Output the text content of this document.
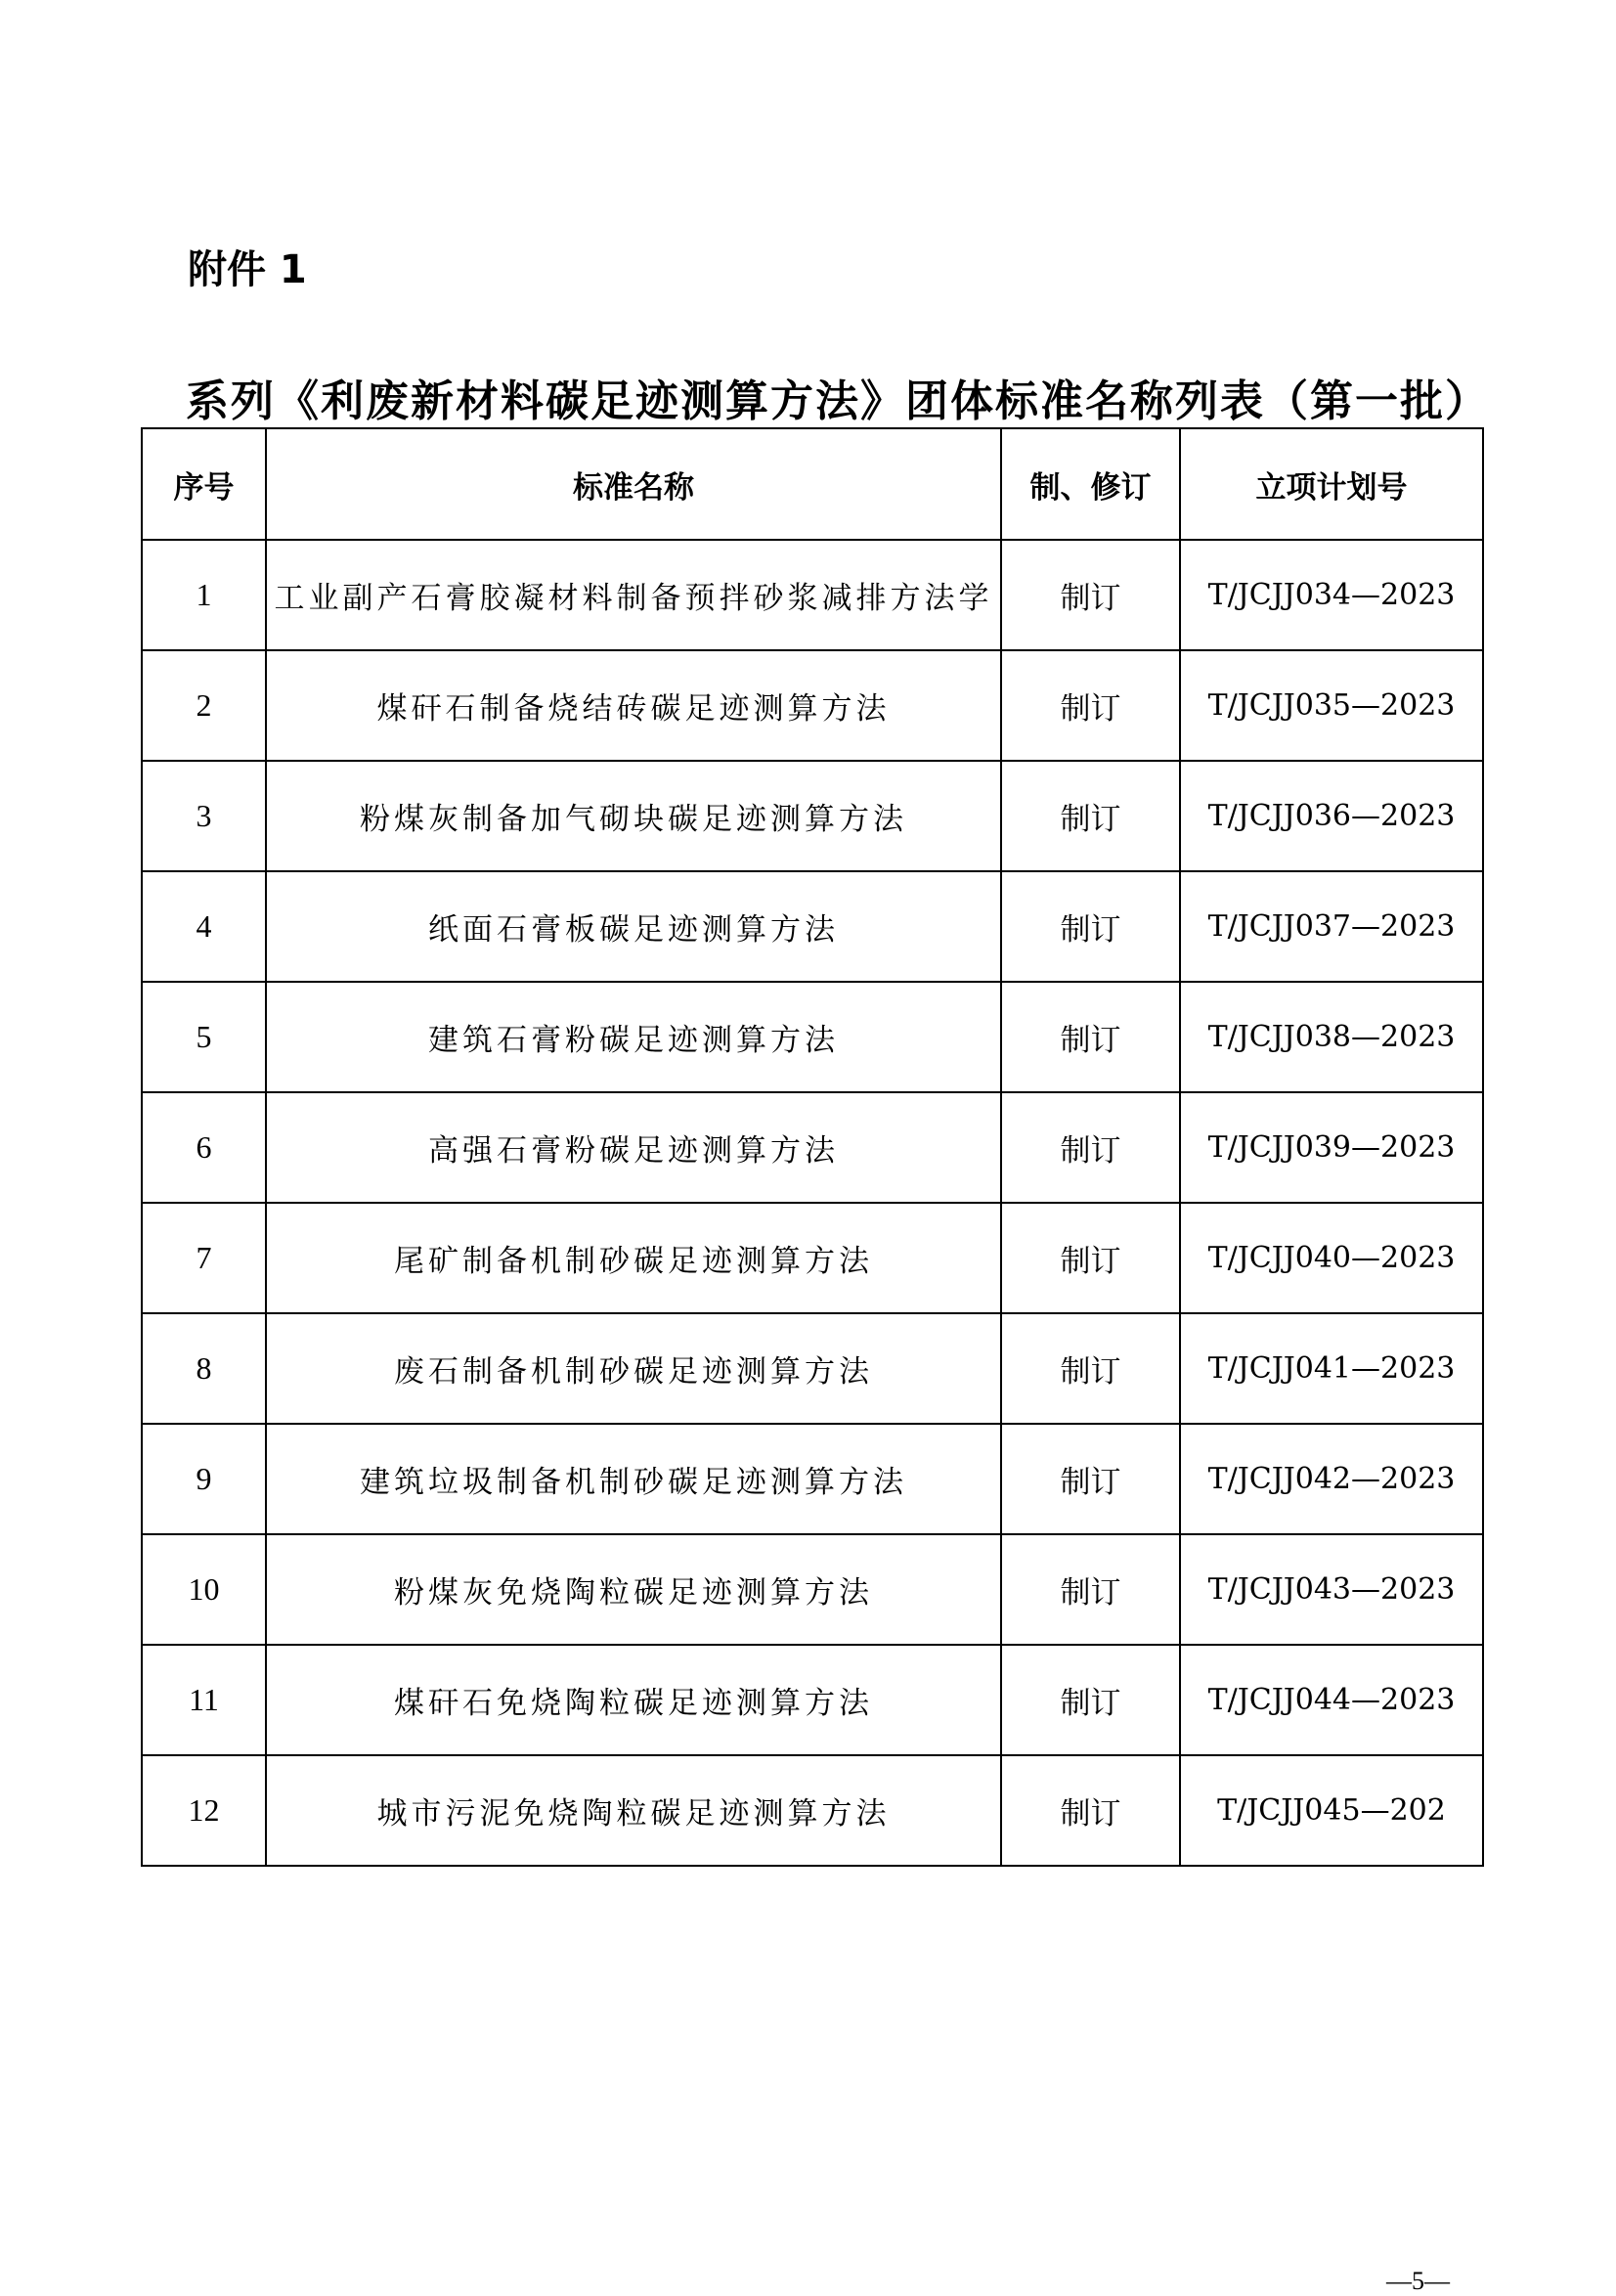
附件 1
系列《利废新材料碳足迹测算方法》团体标准名称列表（第一批）
序号	标准名称	制、修订	立项计划号
1	工业副产石膏胶凝材料制备预拌砂浆减排方法学	制订	T/JCJJ034—2023
2	煤矸石制备烧结砖碳足迹测算方法	制订	T/JCJJ035—2023
3	粉煤灰制备加气砌块碳足迹测算方法	制订	T/JCJJ036—2023
4	纸面石膏板碳足迹测算方法	制订	T/JCJJ037—2023
5	建筑石膏粉碳足迹测算方法	制订	T/JCJJ038—2023
6	高强石膏粉碳足迹测算方法	制订	T/JCJJ039—2023
7	尾矿制备机制砂碳足迹测算方法	制订	T/JCJJ040—2023
8	废石制备机制砂碳足迹测算方法	制订	T/JCJJ041—2023
9	建筑垃圾制备机制砂碳足迹测算方法	制订	T/JCJJ042—2023
10	粉煤灰免烧陶粒碳足迹测算方法	制订	T/JCJJ043—2023
11	煤矸石免烧陶粒碳足迹测算方法	制订	T/JCJJ044—2023
12	城市污泥免烧陶粒碳足迹测算方法	制订	T/JCJJ045—202
—5—
